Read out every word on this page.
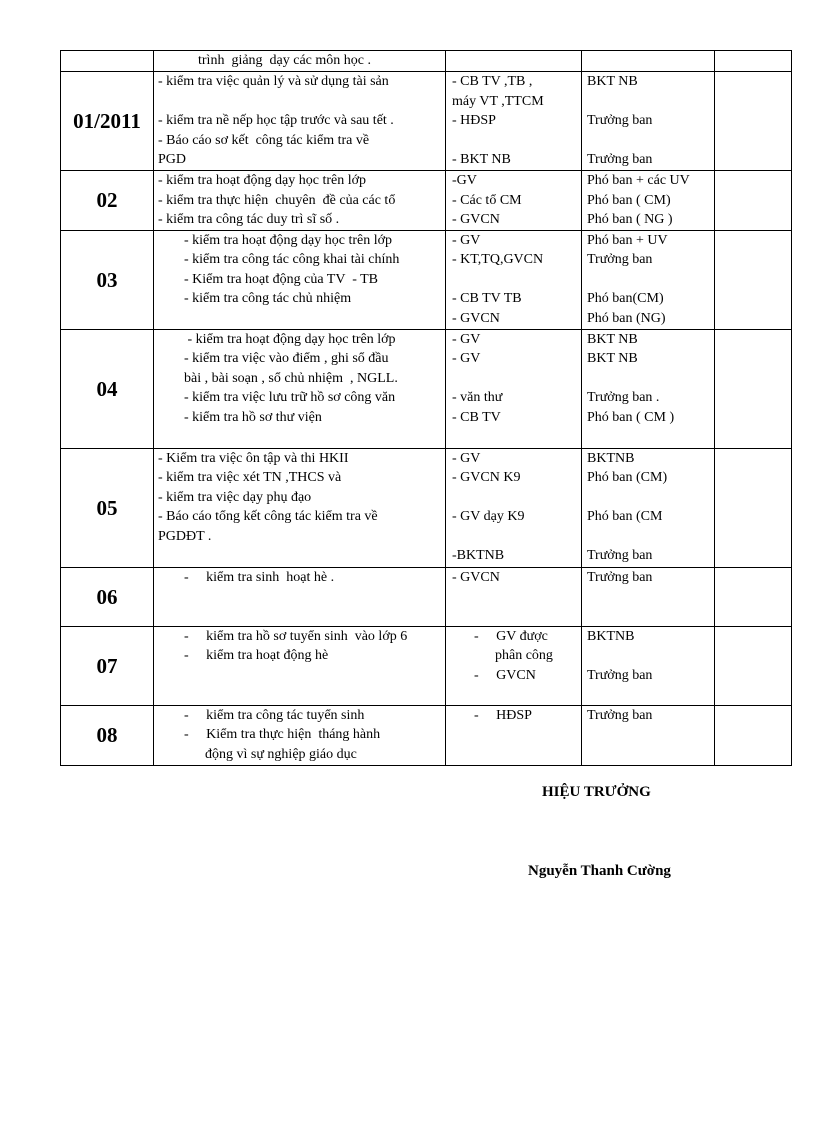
	trình  giảng  dạy các môn học .			

01/2011	- kiểm tra việc quản lý và sử dụng tài sản
- kiểm tra nề nếp học tập trước và sau tết .
- Báo cáo sơ kết  công tác kiểm tra về
PGD	- CB TV ,TB ,
máy VT ,TTCM
- HĐSP
- BKT NB	BKT NB
Trưởng ban
Trưởng ban	

02	- kiểm tra hoạt động dạy học trên lớp
- kiểm tra thực hiện  chuyên  đề của các tổ
- kiểm tra công tác duy trì sĩ số .	-GV
- Các tổ CM
- GVCN	Phó ban + các UV
Phó ban ( CM)
Phó ban ( NG )	

03	- kiểm tra hoạt động dạy học trên lớp
- kiểm tra công tác công khai tài chính
- Kiểm tra hoạt động của TV  - TB
- kiểm tra công tác chủ nhiệm	- GV
- KT,TQ,GVCN
- CB TV TB
- GVCN	Phó ban + UV
Trưởng ban
Phó ban(CM)
Phó ban (NG)	

04	- kiểm tra hoạt động dạy học trên lớp
- kiểm tra việc vào điểm , ghi sổ đầu
bài , bài soạn , sổ chủ nhiệm  , NGLL.
- kiểm tra việc lưu trữ hồ sơ công văn
- kiểm tra hồ sơ thư viện	- GV
- GV
- văn thư
- CB TV	BKT NB
BKT NB
Trưởng ban .
Phó ban ( CM )	

05	- Kiểm tra việc ôn tập và thi HKII
- kiểm tra việc xét TN ,THCS và
- kiểm tra việc dạy phụ đạo
- Báo cáo tổng kết công tác kiểm tra về
PGDĐT .	- GV
- GVCN K9
- GV dạy K9
-BKTNB	BKTNB
Phó ban (CM)
Phó ban (CM
Trưởng ban	

06	-     kiểm tra sinh  hoạt hè .	- GVCN	Trưởng ban	

07	-     kiểm tra hồ sơ tuyển sinh  vào lớp 6
-     kiểm tra hoạt động hè	-     GV được
phân công
-     GVCN	BKTNB
Trưởng ban	

08	-     kiểm tra công tác tuyển sinh
-     Kiểm tra thực hiện  tháng hành
động vì sự nghiệp giáo dục	-     HĐSP	Trưởng ban	

HIỆU TRƯỞNG
Nguyễn Thanh Cường
